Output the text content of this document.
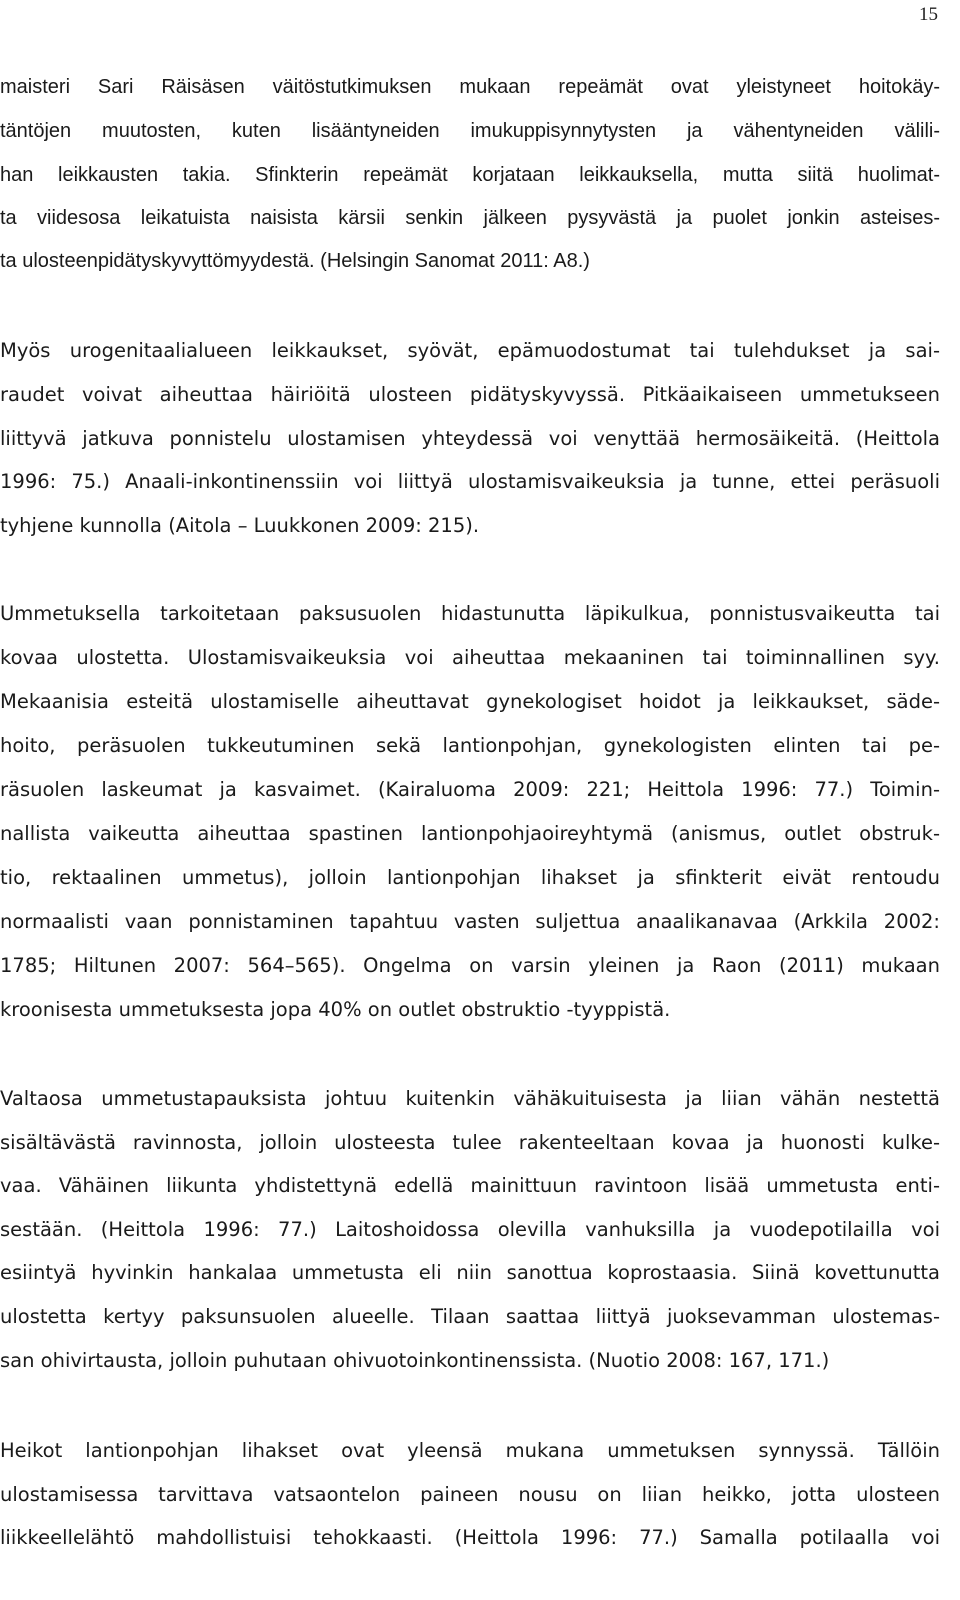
15
maisteri Sari Räisäsen väitöstutkimuksen mukaan repeämät ovat yleistyneet hoitokäy-
täntöjen muutosten, kuten lisääntyneiden imukuppisynnytysten ja vähentyneiden välili-
han leikkausten takia. Sfinkterin repeämät korjataan leikkauksella, mutta siitä huolimat-
ta viidesosa leikatuista naisista kärsii senkin jälkeen pysyvästä ja puolet jonkin asteises-
ta ulosteenpidätyskyvyttömyydestä. (Helsingin Sanomat 2011: A8.)
Myös urogenitaalialueen leikkaukset, syövät, epämuodostumat tai tulehdukset ja sai-
raudet voivat aiheuttaa häiriöitä ulosteen pidätyskyvyssä. Pitkäaikaiseen ummetukseen
liittyvä jatkuva ponnistelu ulostamisen yhteydessä voi venyttää hermosäikeitä. (Heittola
1996: 75.) Anaali-inkontinenssiin voi liittyä ulostamisvaikeuksia ja tunne, ettei peräsuoli
tyhjene kunnolla (Aitola – Luukkonen 2009: 215).
Ummetuksella tarkoitetaan paksusuolen hidastunutta läpikulkua, ponnistusvaikeutta tai
kovaa ulostetta. Ulostamisvaikeuksia voi aiheuttaa mekaaninen tai toiminnallinen syy.
Mekaanisia esteitä ulostamiselle aiheuttavat gynekologiset hoidot ja leikkaukset, säde-
hoito, peräsuolen tukkeutuminen sekä lantionpohjan, gynekologisten elinten tai pe-
räsuolen laskeumat ja kasvaimet. (Kairaluoma 2009: 221; Heittola 1996: 77.) Toimin-
nallista vaikeutta aiheuttaa spastinen lantionpohjaoireyhtymä (anismus, outlet obstruk-
tio, rektaalinen ummetus), jolloin lantionpohjan lihakset ja sfinkterit eivät rentoudu
normaalisti vaan ponnistaminen tapahtuu vasten suljettua anaalikanavaa (Arkkila 2002:
1785; Hiltunen 2007: 564–565). Ongelma on varsin yleinen ja Raon (2011) mukaan
kroonisesta ummetuksesta jopa 40% on outlet obstruktio -tyyppistä.
Valtaosa ummetustapauksista johtuu kuitenkin vähäkuituisesta ja liian vähän nestettä
sisältävästä ravinnosta, jolloin ulosteesta tulee rakenteeltaan kovaa ja huonosti kulke-
vaa. Vähäinen liikunta yhdistettynä edellä mainittuun ravintoon lisää ummetusta enti-
sestään. (Heittola 1996: 77.) Laitoshoidossa olevilla vanhuksilla ja vuodepotilailla voi
esiintyä hyvinkin hankalaa ummetusta eli niin sanottua koprostaasia. Siinä kovettunutta
ulostetta kertyy paksunsuolen alueelle. Tilaan saattaa liittyä juoksevamman ulostemas-
san ohivirtausta, jolloin puhutaan ohivuotoinkontinenssista. (Nuotio 2008: 167, 171.)
Heikot lantionpohjan lihakset ovat yleensä mukana ummetuksen synnyssä. Tällöin
ulostamisessa tarvittava vatsaontelon paineen nousu on liian heikko, jotta ulosteen
liikkeellelähtö mahdollistuisi tehokkaasti. (Heittola 1996: 77.) Samalla potilaalla voi
